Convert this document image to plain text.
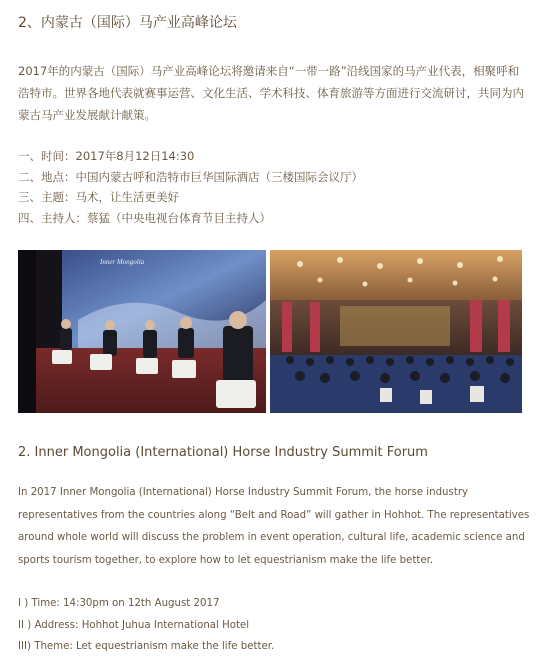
2、内蒙古（国际）马产业高峰论坛
2017年的内蒙古（国际）马产业高峰论坛将邀请来自“一带一路”沿线国家的马产业代表，相聚呼和
浩特市。世界各地代表就赛事运营、文化生活、学术科技、体育旅游等方面进行交流研讨，共同为内
蒙古马产业发展献计献策。
一、时间：2017年8月12日14:30
二、地点：中国内蒙古呼和浩特市巨华国际酒店（三楼国际会议厅）
三、主题：马术，让生活更美好
四、主持人：蔡猛（中央电视台体育节目主持人）
Inner Mongolia
2. Inner Mongolia (International) Horse Industry Summit Forum
In 2017 Inner Mongolia (International) Horse Industry Summit Forum, the horse industry
representatives from the countries along “Belt and Road” will gather in Hohhot. The representatives
around whole world will discuss the problem in event operation, cultural life, academic science and
sports tourism together, to explore how to let equestrianism make the life better.
I ) Time: 14:30pm on 12th August 2017
II ) Address: Hohhot Juhua International Hotel
III) Theme: Let equestrianism make the life better.
